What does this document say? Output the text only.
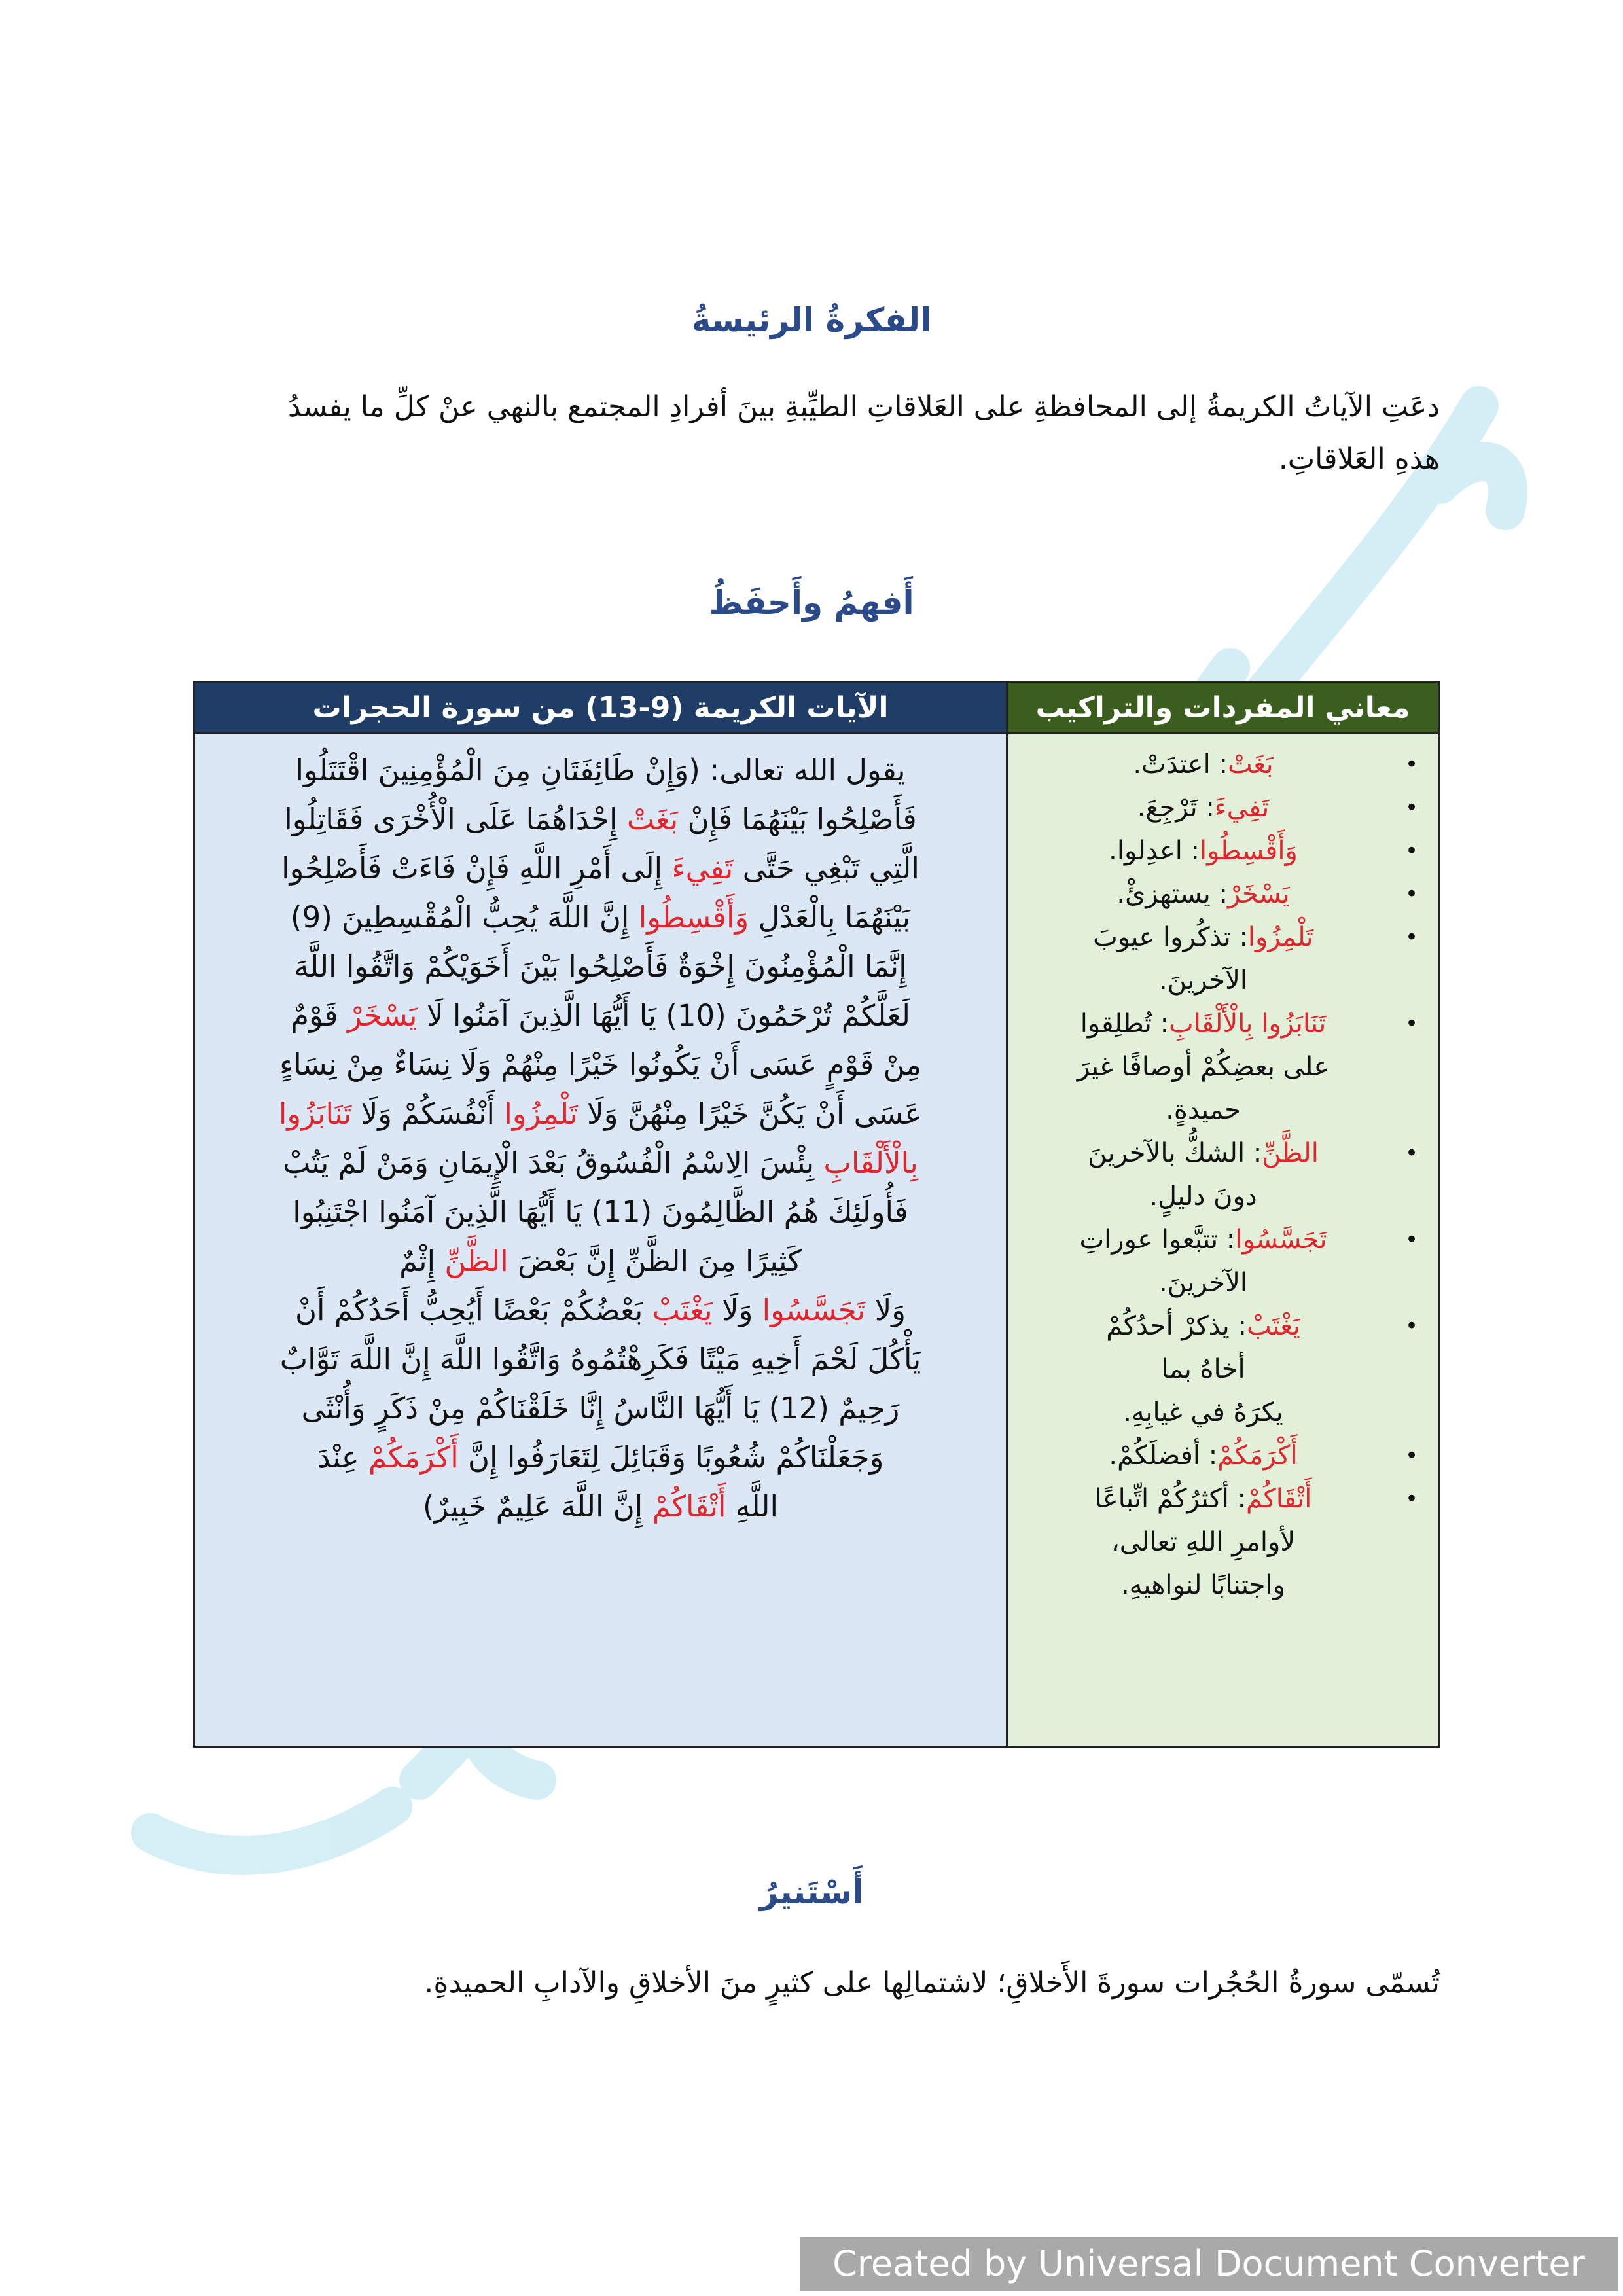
الفكرةُ الرئيسةُ
دعَتِ الآياتُ الكريمةُ إلى المحافظةِ على العَلاقاتِ الطيِّبةِ بينَ أفرادِ المجتمع بالنهي عنْ كلِّ ما يفسدُ
هذهِ العَلاقاتِ.
أَفهمُ وأَحفَظُ
معاني المفردات والتراكيب
•
بَغَتْ: اعتدَتْ.
•
تَفِيءَ: تَرْجِعَ.
•
وَأَقْسِطُوا: اعدِلوا.
•
يَسْخَرْ: يستهزئْ.
•
تَلْمِزُوا: تذكُروا عيوبَ
الآخرينَ.
•
تَنَابَزُوا بِالْأَلْقَابِ: تُطلِقوا
على بعضِكُمْ أوصافًا غيرَ
حميدةٍ.
•
الظَّنِّ: الشكُّ بالآخرينَ
دونَ دليلٍ.
•
تَجَسَّسُوا: تتبَّعوا عوراتِ
الآخرينَ.
•
يَغْتَبْ: يذكرْ أحدُكُمْ
أخاهُ بما
يكرَهُ في غيابِهِ.
•
أَكْرَمَكُمْ: أفضلَكُمْ.
•
أَتْقَاكُمْ: أكثرُكُمْ اتِّباعًا
لأوامرِ اللهِ تعالى،
واجتنابًا لنواهيهِ.
الآيات الكريمة (9-13) من سورة الحجرات
يقول الله تعالى: (وَإِنْ طَائِفَتَانِ مِنَ الْمُؤْمِنِينَ اقْتَتَلُوا
فَأَصْلِحُوا بَيْنَهُمَا فَإِنْ بَغَتْ إِحْدَاهُمَا عَلَى الْأُخْرَى فَقَاتِلُوا
الَّتِي تَبْغِي حَتَّى تَفِيءَ إِلَى أَمْرِ اللَّهِ فَإِنْ فَاءَتْ فَأَصْلِحُوا
بَيْنَهُمَا بِالْعَدْلِ وَأَقْسِطُوا إِنَّ اللَّهَ يُحِبُّ الْمُقْسِطِينَ (9)
إِنَّمَا الْمُؤْمِنُونَ إِخْوَةٌ فَأَصْلِحُوا بَيْنَ أَخَوَيْكُمْ وَاتَّقُوا اللَّهَ
لَعَلَّكُمْ تُرْحَمُونَ (10) يَا أَيُّهَا الَّذِينَ آمَنُوا لَا يَسْخَرْ قَوْمٌ
مِنْ قَوْمٍ عَسَى أَنْ يَكُونُوا خَيْرًا مِنْهُمْ وَلَا نِسَاءٌ مِنْ نِسَاءٍ
عَسَى أَنْ يَكُنَّ خَيْرًا مِنْهُنَّ وَلَا تَلْمِزُوا أَنْفُسَكُمْ وَلَا تَنَابَزُوا
بِالْأَلْقَابِ بِئْسَ الِاسْمُ الْفُسُوقُ بَعْدَ الْإِيمَانِ وَمَنْ لَمْ يَتُبْ
فَأُولَئِكَ هُمُ الظَّالِمُونَ (11) يَا أَيُّهَا الَّذِينَ آمَنُوا اجْتَنِبُوا
كَثِيرًا مِنَ الظَّنِّ إِنَّ بَعْضَ الظَّنِّ إِثْمٌ
وَلَا تَجَسَّسُوا وَلَا يَغْتَبْ بَعْضُكُمْ بَعْضًا أَيُحِبُّ أَحَدُكُمْ أَنْ
يَأْكُلَ لَحْمَ أَخِيهِ مَيْتًا فَكَرِهْتُمُوهُ وَاتَّقُوا اللَّهَ إِنَّ اللَّهَ تَوَّابٌ
رَحِيمٌ (12) يَا أَيُّهَا النَّاسُ إِنَّا خَلَقْنَاكُمْ مِنْ ذَكَرٍ وَأُنْثَى
وَجَعَلْنَاكُمْ شُعُوبًا وَقَبَائِلَ لِتَعَارَفُوا إِنَّ أَكْرَمَكُمْ عِنْدَ
اللَّهِ أَتْقَاكُمْ إِنَّ اللَّهَ عَلِيمٌ خَبِيرٌ)
أَسْتَنيرُ
تُسمّى سورةُ الحُجُرات سورةَ الأَخلاقِ؛ لاشتمالِها على كثيرٍ منَ الأخلاقِ والآدابِ الحميدةِ.
Created by Universal Document Converter
